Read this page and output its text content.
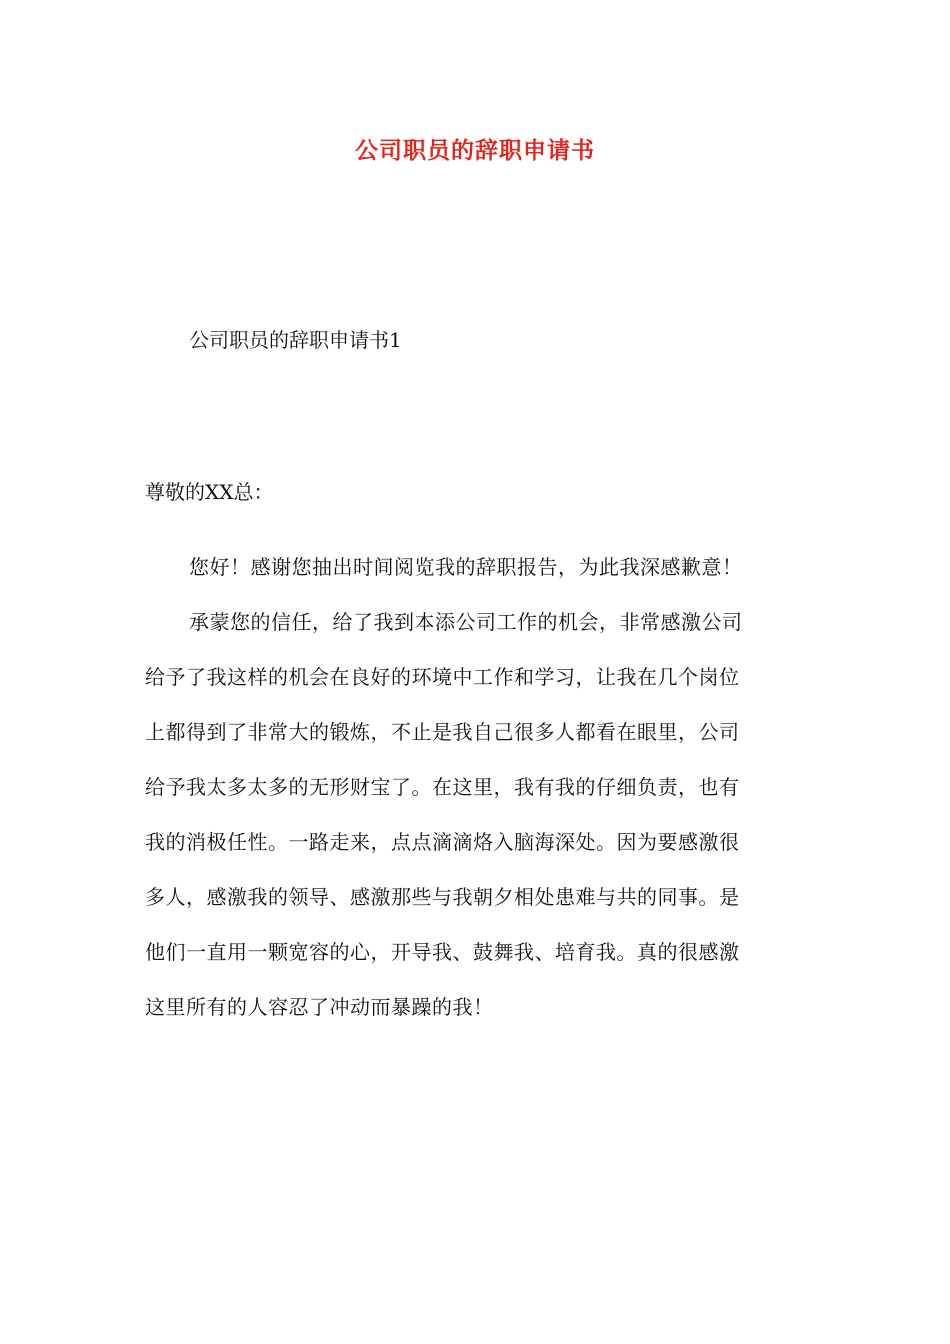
公司职员的辞职申请书
公司职员的辞职申请书1
尊敬的XX总：
您好！感谢您抽出时间阅览我的辞职报告，为此我深感歉意！
承蒙您的信任，给了我到本添公司工作的机会，非常感激公司
给予了我这样的机会在良好的环境中工作和学习，让我在几个岗位
上都得到了非常大的锻炼，不止是我自己很多人都看在眼里，公司
给予我太多太多的无形财宝了。在这里，我有我的仔细负责，也有
我的消极任性。一路走来，点点滴滴烙入脑海深处。因为要感激很
多人，感激我的领导、感激那些与我朝夕相处患难与共的同事。是
他们一直用一颗宽容的心，开导我、鼓舞我、培育我。真的很感激
这里所有的人容忍了冲动而暴躁的我！
